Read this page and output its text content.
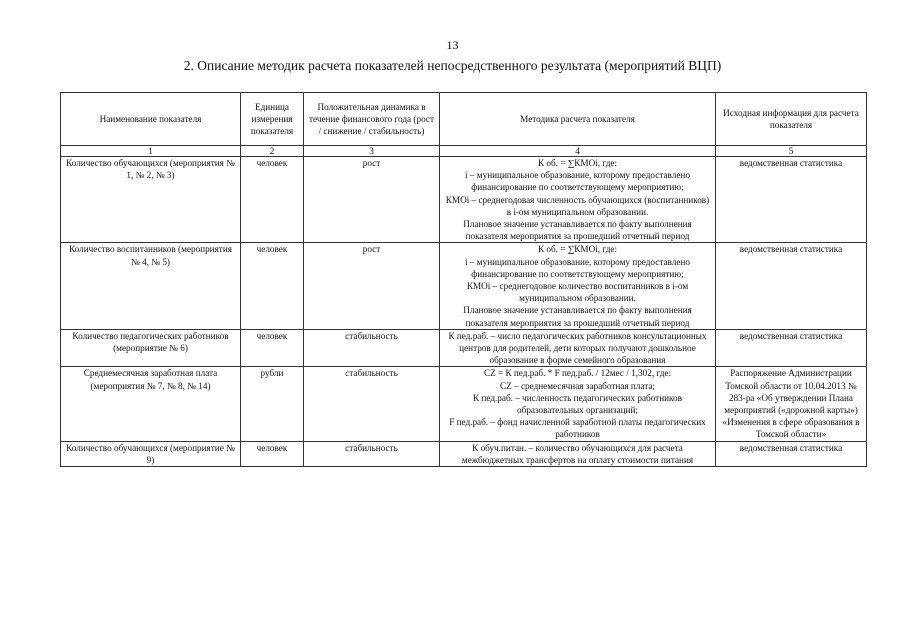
13
2. Описание методик расчета показателей непосредственного результата (мероприятий ВЦП)
Наименование показателя	Единица измерения показателя	Положительная динамика в течение финансового года (рост / снижение / стабильность)	Методика расчета показателя	Исходная информация для расчета показателя
1	2	3	4	5
Количество обучающихся (мероприятия № 1, № 2, № 3)	человек	рост	К об. = ∑КМОi, где:
i – муниципальное образование, которому предоставлено финансирование по соответствующему мероприятию;
КМОi – среднегодовая численность обучающихся (воспитанников) в i-ом муниципальном образовании.
Плановое значение устанавливается по факту выполнения показателя мероприятия за прошедший отчетный период	ведомственная статистика
Количество воспитанников (мероприятия № 4, № 5)	человек	рост	К об. = ∑КМОi, где:
i – муниципальное образование, которому предоставлено финансирование по соответствующему мероприятию;
КМОi – среднегодовое количество воспитанников в i-ом муниципальном образовании.
Плановое значение устанавливается по факту выполнения показателя мероприятия за прошедший отчетный период	ведомственная статистика
Количество педагогических работников (мероприятие № 6)	человек	стабильность	К пед.раб. – число педагогических работников консультационных центров для родителей, дети которых получают дошкольное образование в форме семейного образования	ведомственная статистика
Среднемесячная заработная плата (мероприятия № 7, № 8, № 14)	рубли	стабильность	CZ = К пед.раб. * F пед.раб. / 12мес / 1,302, где:
CZ – среднемесячная заработная плата;
К пед.раб. – численность педагогических работников образовательных организаций;
F пед.раб. – фонд начисленной заработной платы педагогических работников	Распоряжение Администрации Томской области от 10.04.2013 № 283-ра «Об утверждении Плана мероприятий («дорожной карты») «Изменения в сфере образования в Томской области»
Количество обучающихся (мероприятие № 9)	человек	стабильность	К обуч.питан. – количество обучающихся для расчета межбюджетных трансфертов на оплату стоимости питания	ведомственная статистика
